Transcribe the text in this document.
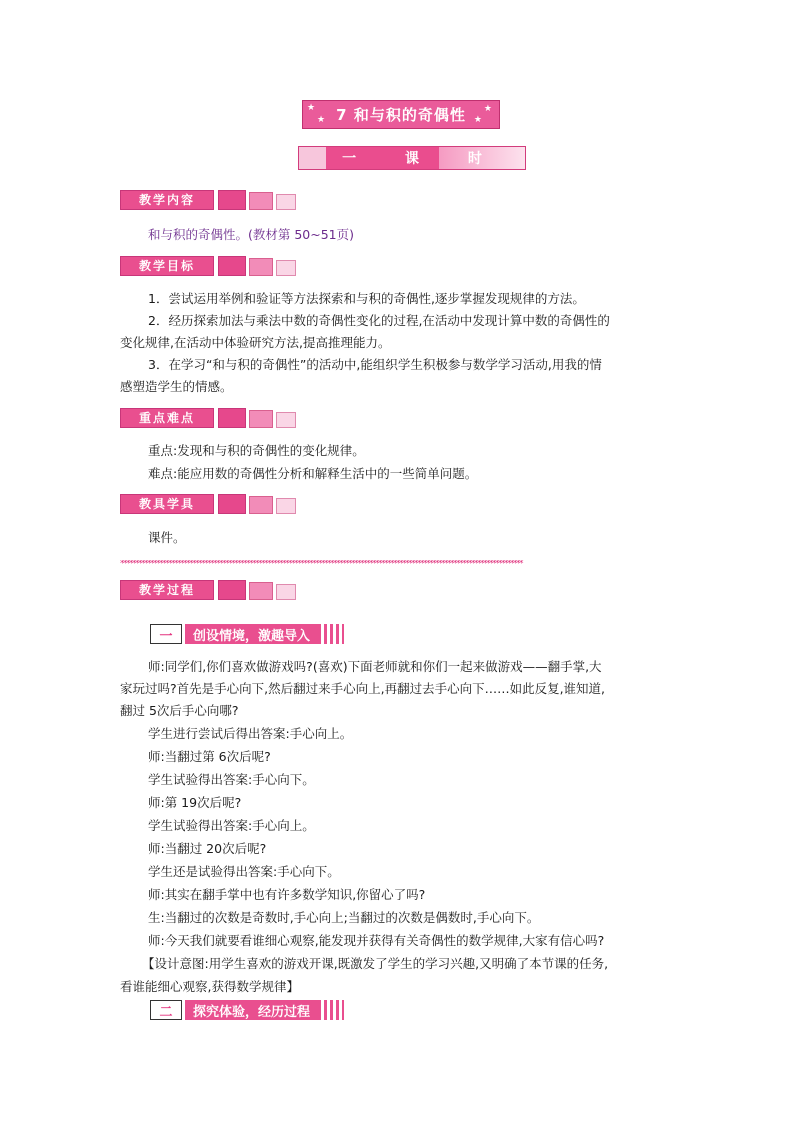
★
★
★
★
7 和与积的奇偶性
一 课 时
教学内容
和与积的奇偶性。(教材第 50~51页)
教学目标
1．尝试运用举例和验证等方法探索和与积的奇偶性,逐步掌握发现规律的方法。
2．经历探索加法与乘法中数的奇偶性变化的过程,在活动中发现计算中数的奇偶性的
变化规律,在活动中体验研究方法,提高推理能力。
3．在学习“和与积的奇偶性”的活动中,能组织学生积极参与数学学习活动,用我的情
感塑造学生的情感。
重点难点
重点:发现和与积的奇偶性的变化规律。
难点:能应用数的奇偶性分析和解释生活中的一些简单问题。
教具学具
课件。
**************************************************************************************************************************************
教学过程
一	创设情境，激趣导入
师:同学们,你们喜欢做游戏吗?(喜欢)下面老师就和你们一起来做游戏——翻手掌,大
家玩过吗?首先是手心向下,然后翻过来手心向上,再翻过去手心向下……如此反复,谁知道,
翻过 5次后手心向哪?
学生进行尝试后得出答案:手心向上。
师:当翻过第 6次后呢?
学生试验得出答案:手心向下。
师:第 19次后呢?
学生试验得出答案:手心向上。
师:当翻过 20次后呢?
学生还是试验得出答案:手心向下。
师:其实在翻手掌中也有许多数学知识,你留心了吗?
生:当翻过的次数是奇数时,手心向上;当翻过的次数是偶数时,手心向下。
师:今天我们就要看谁细心观察,能发现并获得有关奇偶性的数学规律,大家有信心吗?
【设计意图:用学生喜欢的游戏开课,既激发了学生的学习兴趣,又明确了本节课的任务,
看谁能细心观察,获得数学规律】
二	探究体验，经历过程
